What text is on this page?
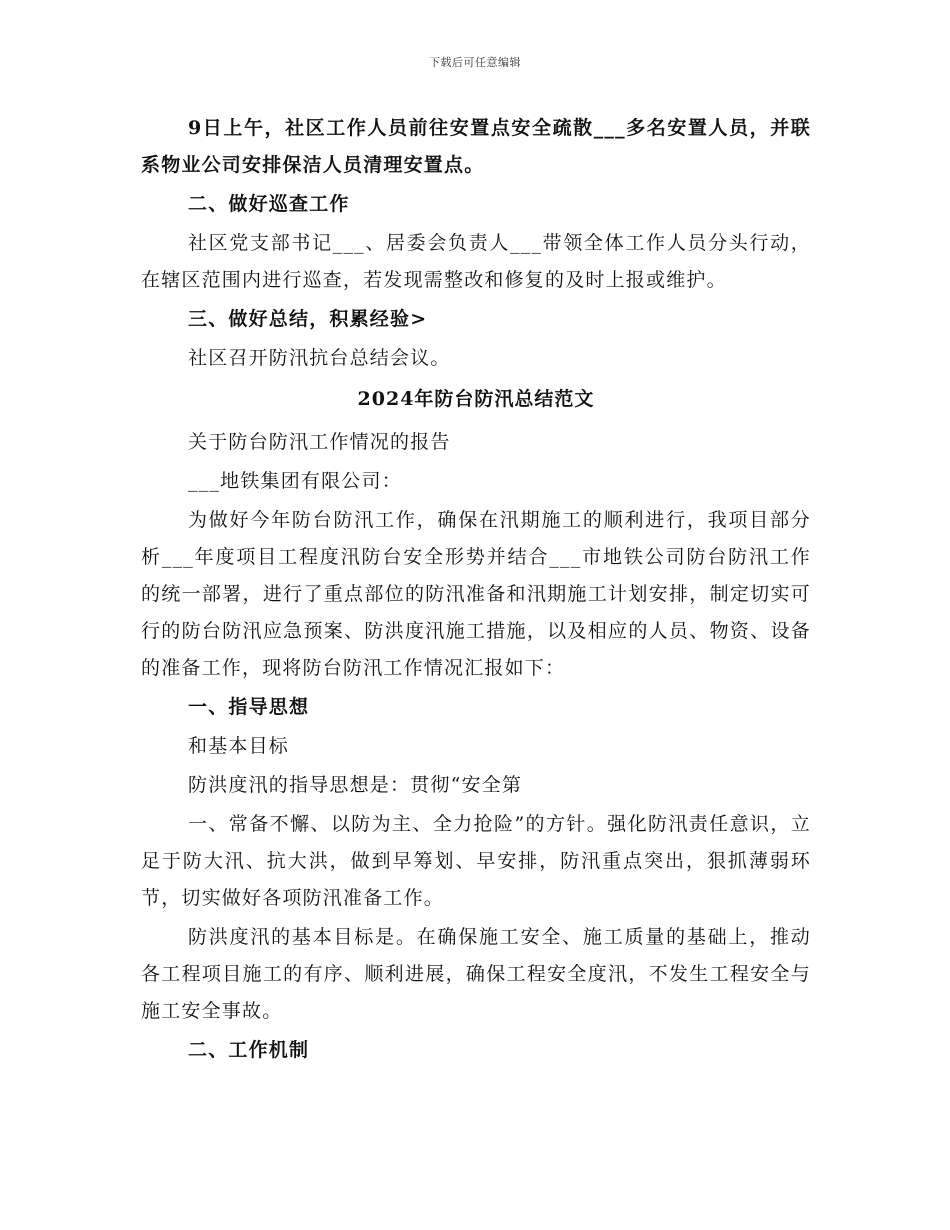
下载后可任意编辑

9日上午，社区工作人员前往安置点安全疏散___多名安置人员，并联系物业公司安排保洁人员清理安置点。

二、做好巡查工作

社区党支部书记___、居委会负责人___带领全体工作人员分头行动，在辖区范围内进行巡查，若发现需整改和修复的及时上报或维护。

三、做好总结，积累经验>

社区召开防汛抗台总结会议。

2024年防台防汛总结范文

关于防台防汛工作情况的报告

___地铁集团有限公司：

为做好今年防台防汛工作，确保在汛期施工的顺利进行，我项目部分析___年度项目工程度汛防台安全形势并结合___市地铁公司防台防汛工作的统一部署，进行了重点部位的防汛准备和汛期施工计划安排，制定切实可行的防台防汛应急预案、防洪度汛施工措施，以及相应的人员、物资、设备的准备工作，现将防台防汛工作情况汇报如下：

一、指导思想

和基本目标

防洪度汛的指导思想是：贯彻“安全第

一、常备不懈、以防为主、全力抢险”的方针。强化防汛责任意识，立足于防大汛、抗大洪，做到早筹划、早安排，防汛重点突出，狠抓薄弱环节，切实做好各项防汛准备工作。

防洪度汛的基本目标是。在确保施工安全、施工质量的基础上，推动各工程项目施工的有序、顺利进展，确保工程安全度汛，不发生工程安全与施工安全事故。

二、工作机制
